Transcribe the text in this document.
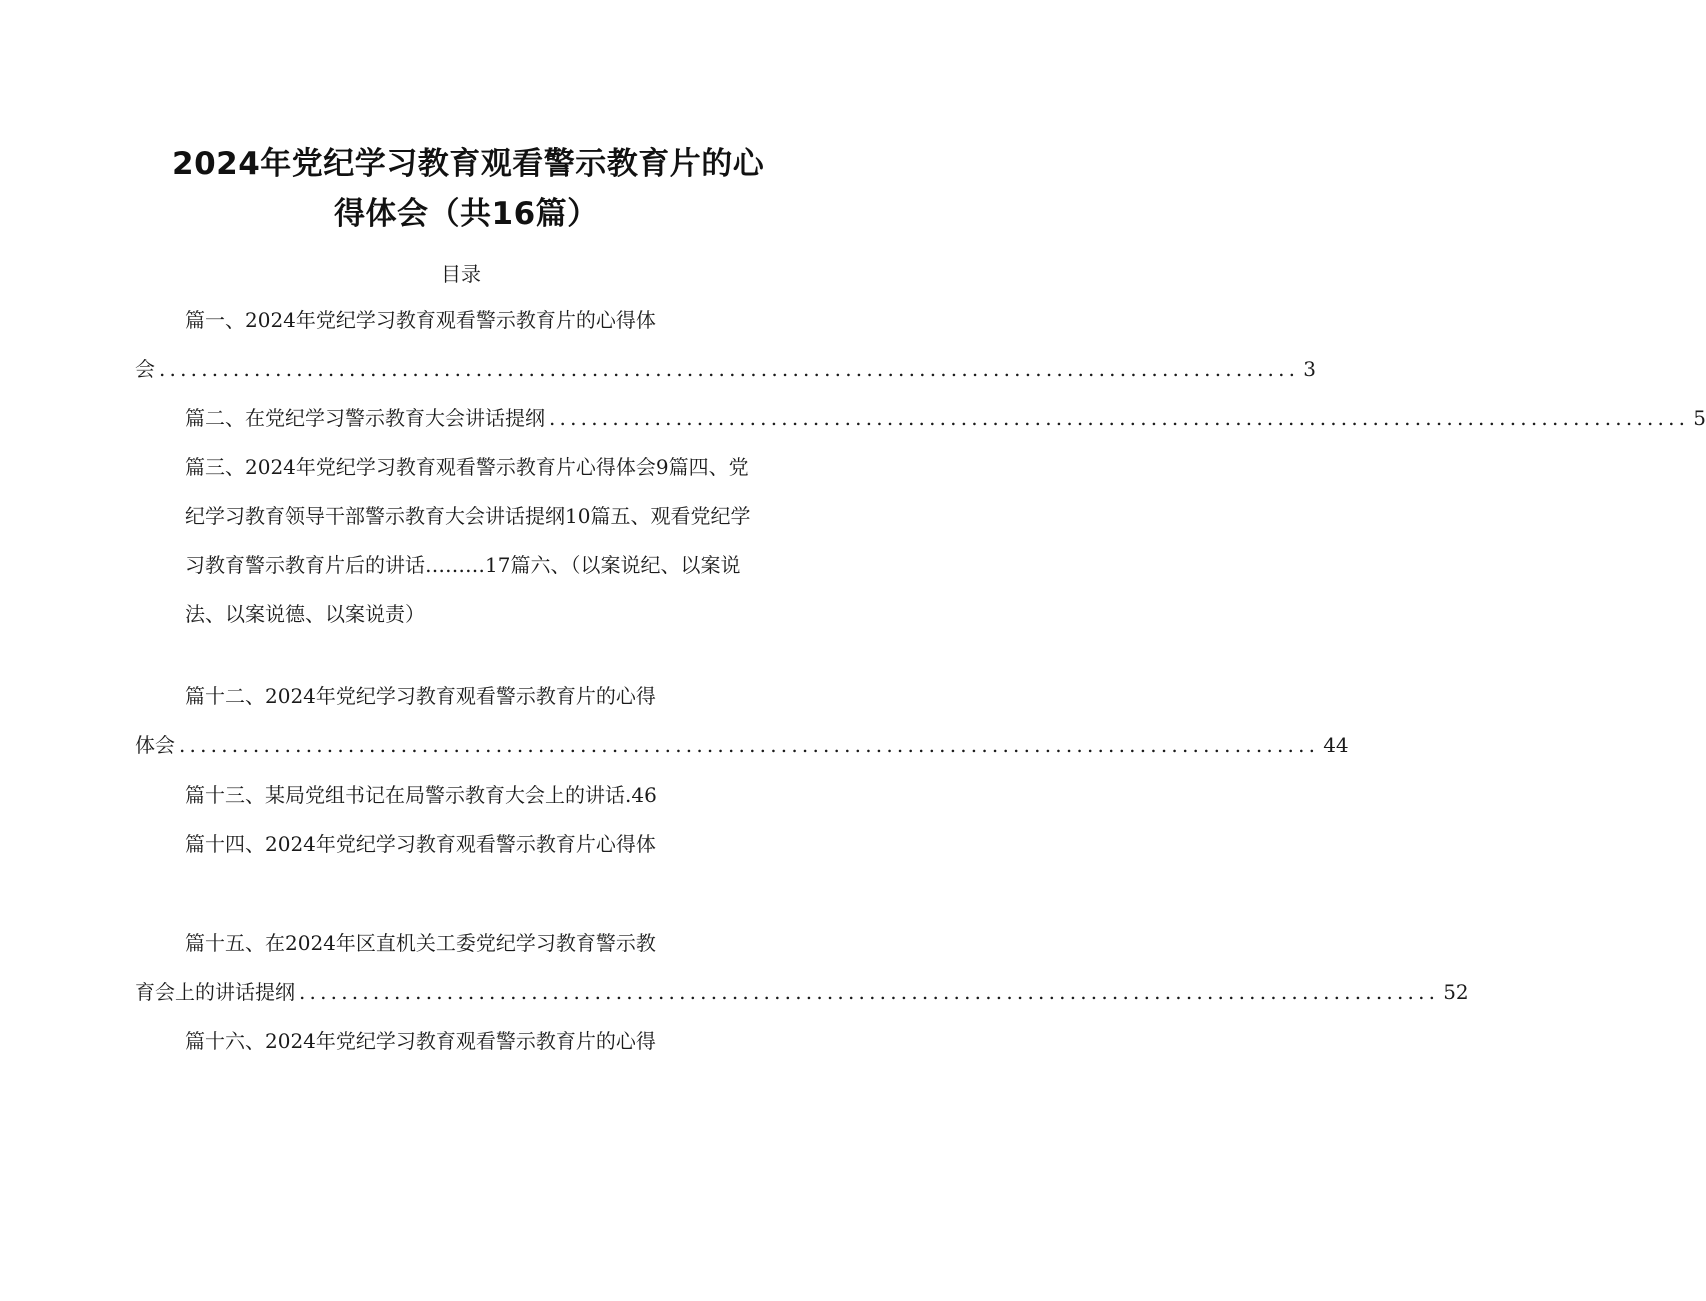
2024年党纪学习教育观看警示教育片的心
得体会（共16篇）
目录
篇一、2024年党纪学习教育观看警示教育片的心得体
会 ............................................................................................................ 3
篇二、在党纪学习警示教育大会讲话提纲 ............................................................................................................ 5
篇三、2024年党纪学习教育观看警示教育片心得体会9篇四、党
纪学习教育领导干部警示教育大会讲话提纲10篇五、观看党纪学
习教育警示教育片后的讲话………17篇六、（以案说纪、以案说
法、以案说德、以案说责）
篇十二、2024年党纪学习教育观看警示教育片的心得
体会 ............................................................................................................ 44
篇十三、某局党组书记在局警示教育大会上的讲话.46
篇十四、2024年党纪学习教育观看警示教育片心得体
篇十五、在2024年区直机关工委党纪学习教育警示教
育会上的讲话提纲 ............................................................................................................ 52
篇十六、2024年党纪学习教育观看警示教育片的心得
